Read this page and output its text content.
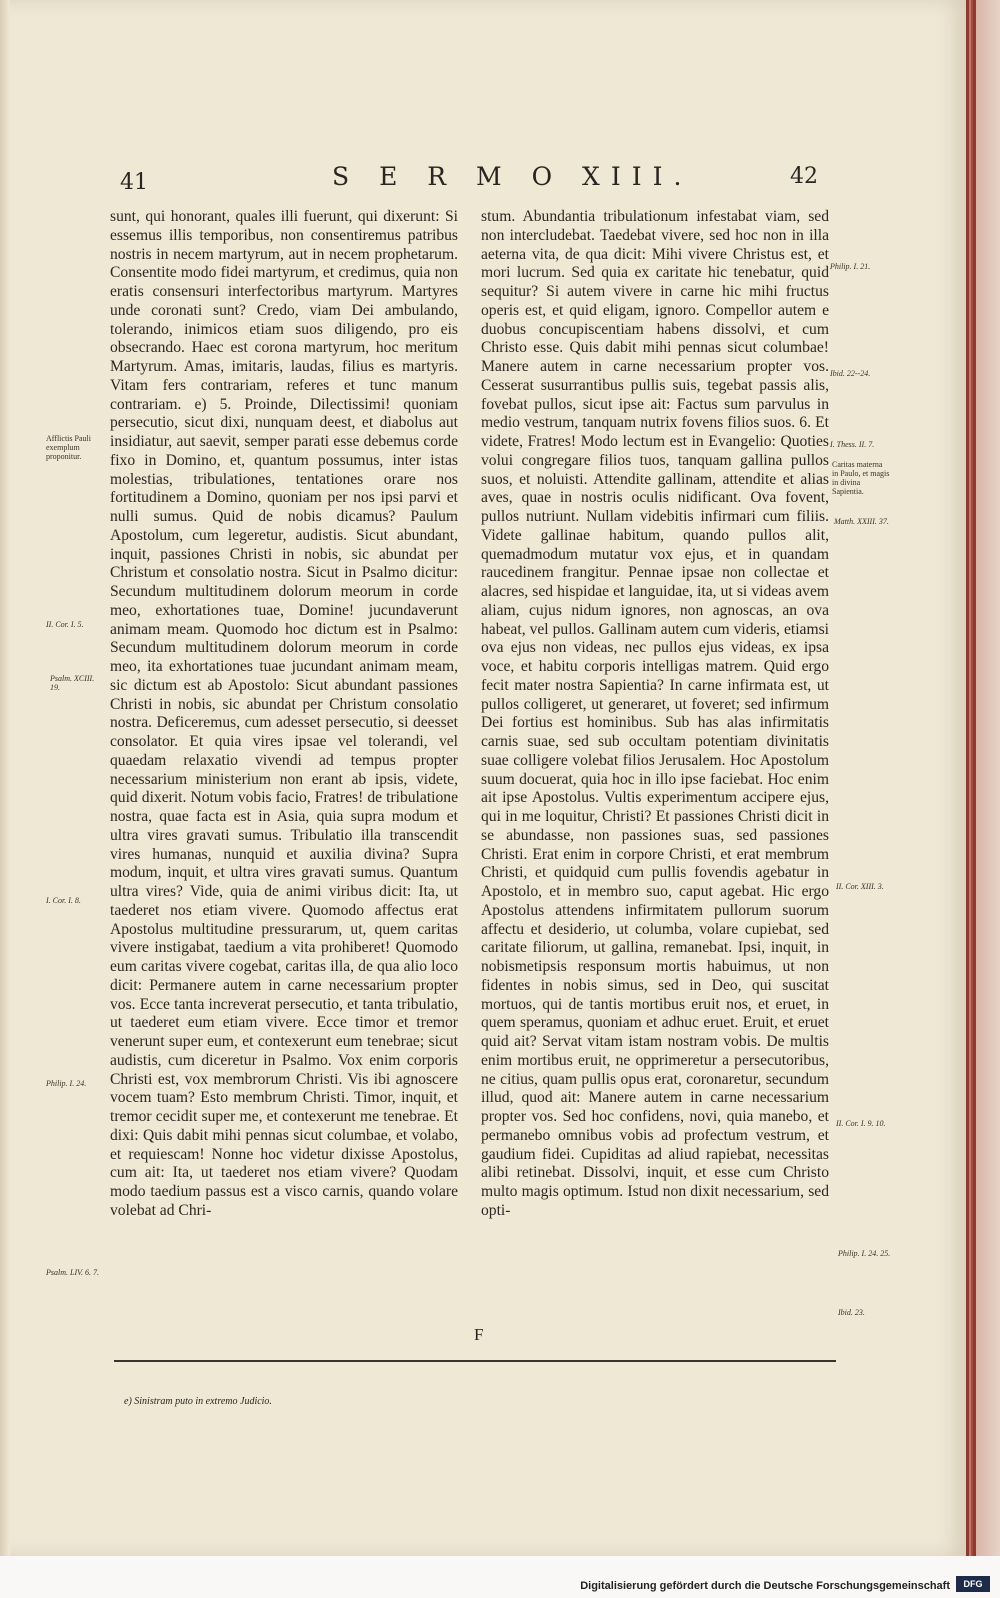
41	S E R M O XIII.	42

sunt, qui honorant, quales illi fuerunt, qui dixerunt: Si essemus illis temporibus, non consentiremus patribus nostris in necem martyrum, aut in necem prophetarum. Consentite modo fidei martyrum, et credimus, quia non eratis consensuri interfectoribus martyrum. Martyres unde coronati sunt? Credo, viam Dei ambulando, tolerando, inimicos etiam suos diligendo, pro eis obsecrando. Haec est corona martyrum, hoc meritum Martyrum. Amas, imitaris, laudas, filius es martyris. Vitam fers contrariam, referes et tunc manum contrariam. e) 5. Proinde, Dilectissimi! quoniam persecutio, sicut dixi, nunquam deest, et diabolus aut insidiatur, aut saevit, semper parati esse debemus corde fixo in Domino, et, quantum possumus, inter istas molestias, tribulationes, tentationes orare nos fortitudinem a Domino, quoniam per nos ipsi parvi et nulli sumus. Quid de nobis dicamus? Paulum Apostolum, cum legeretur, audistis. Sicut abundant, inquit, passiones Christi in nobis, sic abundat per Christum et consolatio nostra. Sicut in Psalmo dicitur: Secundum multitudinem dolorum meorum in corde meo, exhortationes tuae, Domine! jucundaverunt animam meam. Quomodo hoc dictum est in Psalmo: Secundum multitudinem dolorum meorum in corde meo, ita exhortationes tuae jucundant animam meam, sic dictum est ab Apostolo: Sicut abundant passiones Christi in nobis, sic abundat per Christum consolatio nostra. Deficeremus, cum adesset persecutio, si deesset consolator. Et quia vires ipsae vel tolerandi, vel quaedam relaxatio vivendi ad tempus propter necessarium ministerium non erant ab ipsis, videte, quid dixerit. Notum vobis facio, Fratres! de tribulatione nostra, quae facta est in Asia, quia supra modum et ultra vires gravati sumus. Tribulatio illa transcendit vires humanas, nunquid et auxilia divina? Supra modum, inquit, et ultra vires gravati sumus. Quantum ultra vires? Vide, quia de animi viribus dicit: Ita, ut taederet nos etiam vivere. Quomodo affectus erat Apostolus multitudine pressurarum, ut, quem caritas vivere instigabat, taedium a vita prohiberet! Quomodo eum caritas vivere cogebat, caritas illa, de qua alio loco dicit: Permanere autem in carne necessarium propter vos. Ecce tanta increverat persecutio, et tanta tribulatio, ut taederet eum etiam vivere. Ecce timor et tremor venerunt super eum, et contexerunt eum tenebrae; sicut audistis, cum diceretur in Psalmo. Vox enim corporis Christi est, vox membrorum Christi. Vis ibi agnoscere vocem tuam? Esto membrum Christi. Timor, inquit, et tremor cecidit super me, et contexerunt me tenebrae. Et dixi: Quis dabit mihi pennas sicut columbae, et volabo, et requiescam! Nonne hoc videtur dixisse Apostolus, cum ait: Ita, ut taederet nos etiam vivere? Quodam modo taedium passus est a visco carnis, quando volare volebat ad Chri-

stum. Abundantia tribulationum infestabat viam, sed non intercludebat. Taedebat vivere, sed hoc non in illa aeterna vita, de qua dicit: Mihi vivere Christus est, et mori lucrum. Sed quia ex caritate hic tenebatur, quid sequitur? Si autem vivere in carne hic mihi fructus operis est, et quid eligam, ignoro. Compellor autem e duobus concupiscentiam habens dissolvi, et cum Christo esse. Quis dabit mihi pennas sicut columbae! Manere autem in carne necessarium propter vos. Cesserat susurrantibus pullis suis, tegebat passis alis, fovebat pullos, sicut ipse ait: Factus sum parvulus in medio vestrum, tanquam nutrix fovens filios suos. 6. Et videte, Fratres! Modo lectum est in Evangelio: Quoties volui congregare filios tuos, tanquam gallina pullos suos, et noluisti. Attendite gallinam, attendite et alias aves, quae in nostris oculis nidificant. Ova fovent, pullos nutriunt. Nullam videbitis infirmari cum filiis. Videte gallinae habitum, quando pullos alit, quemadmodum mutatur vox ejus, et in quandam raucedinem frangitur. Pennae ipsae non collectae et alacres, sed hispidae et languidae, ita, ut si videas avem aliam, cujus nidum ignores, non agnoscas, an ova habeat, vel pullos. Gallinam autem cum videris, etiamsi ova ejus non videas, nec pullos ejus videas, ex ipsa voce, et habitu corporis intelligas matrem. Quid ergo fecit mater nostra Sapientia? In carne infirmata est, ut pullos colligeret, ut generaret, ut foveret; sed infirmum Dei fortius est hominibus. Sub has alas infirmitatis carnis suae, sed sub occultam potentiam divinitatis suae colligere volebat filios Jerusalem. Hoc Apostolum suum docuerat, quia hoc in illo ipse faciebat. Hoc enim ait ipse Apostolus. Vultis experimentum accipere ejus, qui in me loquitur, Christi? Et passiones Christi dicit in se abundasse, non passiones suas, sed passiones Christi. Erat enim in corpore Christi, et erat membrum Christi, et quidquid cum pullis fovendis agebatur in Apostolo, et in membro suo, caput agebat. Hic ergo Apostolus attendens infirmitatem pullorum suorum affectu et desiderio, ut columba, volare cupiebat, sed caritate filiorum, ut gallina, remanebat. Ipsi, inquit, in nobismetipsis responsum mortis habuimus, ut non fidentes in nobis simus, sed in Deo, qui suscitat mortuos, qui de tantis mortibus eruit nos, et eruet, in quem speramus, quoniam et adhuc eruet. Eruit, et eruet quid ait? Servat vitam istam nostram vobis. De multis enim mortibus eruit, ne opprimeretur a persecutoribus, ne citius, quam pullis opus erat, coronaretur, secundum illud, quod ait: Manere autem in carne necessarium propter vos. Sed hoc confidens, novi, quia manebo, et permanebo omnibus vobis ad profectum vestrum, et gaudium fidei. Cupiditas ad aliud rapiebat, necessitas alibi retinebat. Dissolvi, inquit, et esse cum Christo multo magis optimum. Istud non dixit necessarium, sed opti-

Afflictis Pauli exemplum proponitur.
II. Cor. I. 5.
Psalm. XCIII. 19.
I. Cor. I. 8.
Philip. I. 24.
Psalm. LIV. 6. 7.
Philip. I. 21.
Ibid. 22--24.
I. Thess. II. 7.
Caritas materna in Paulo, et magis in divina Sapientia.
Matth. XXIII. 37.
II. Cor. XIII. 3.
II. Cor. I. 9. 10.
Philip. I. 24. 25.
Ibid. 23.
F
e) Sinistram puto in extremo Judicio.
Digitalisierung gefördert durch die Deutsche Forschungsgemeinschaft	DFG
